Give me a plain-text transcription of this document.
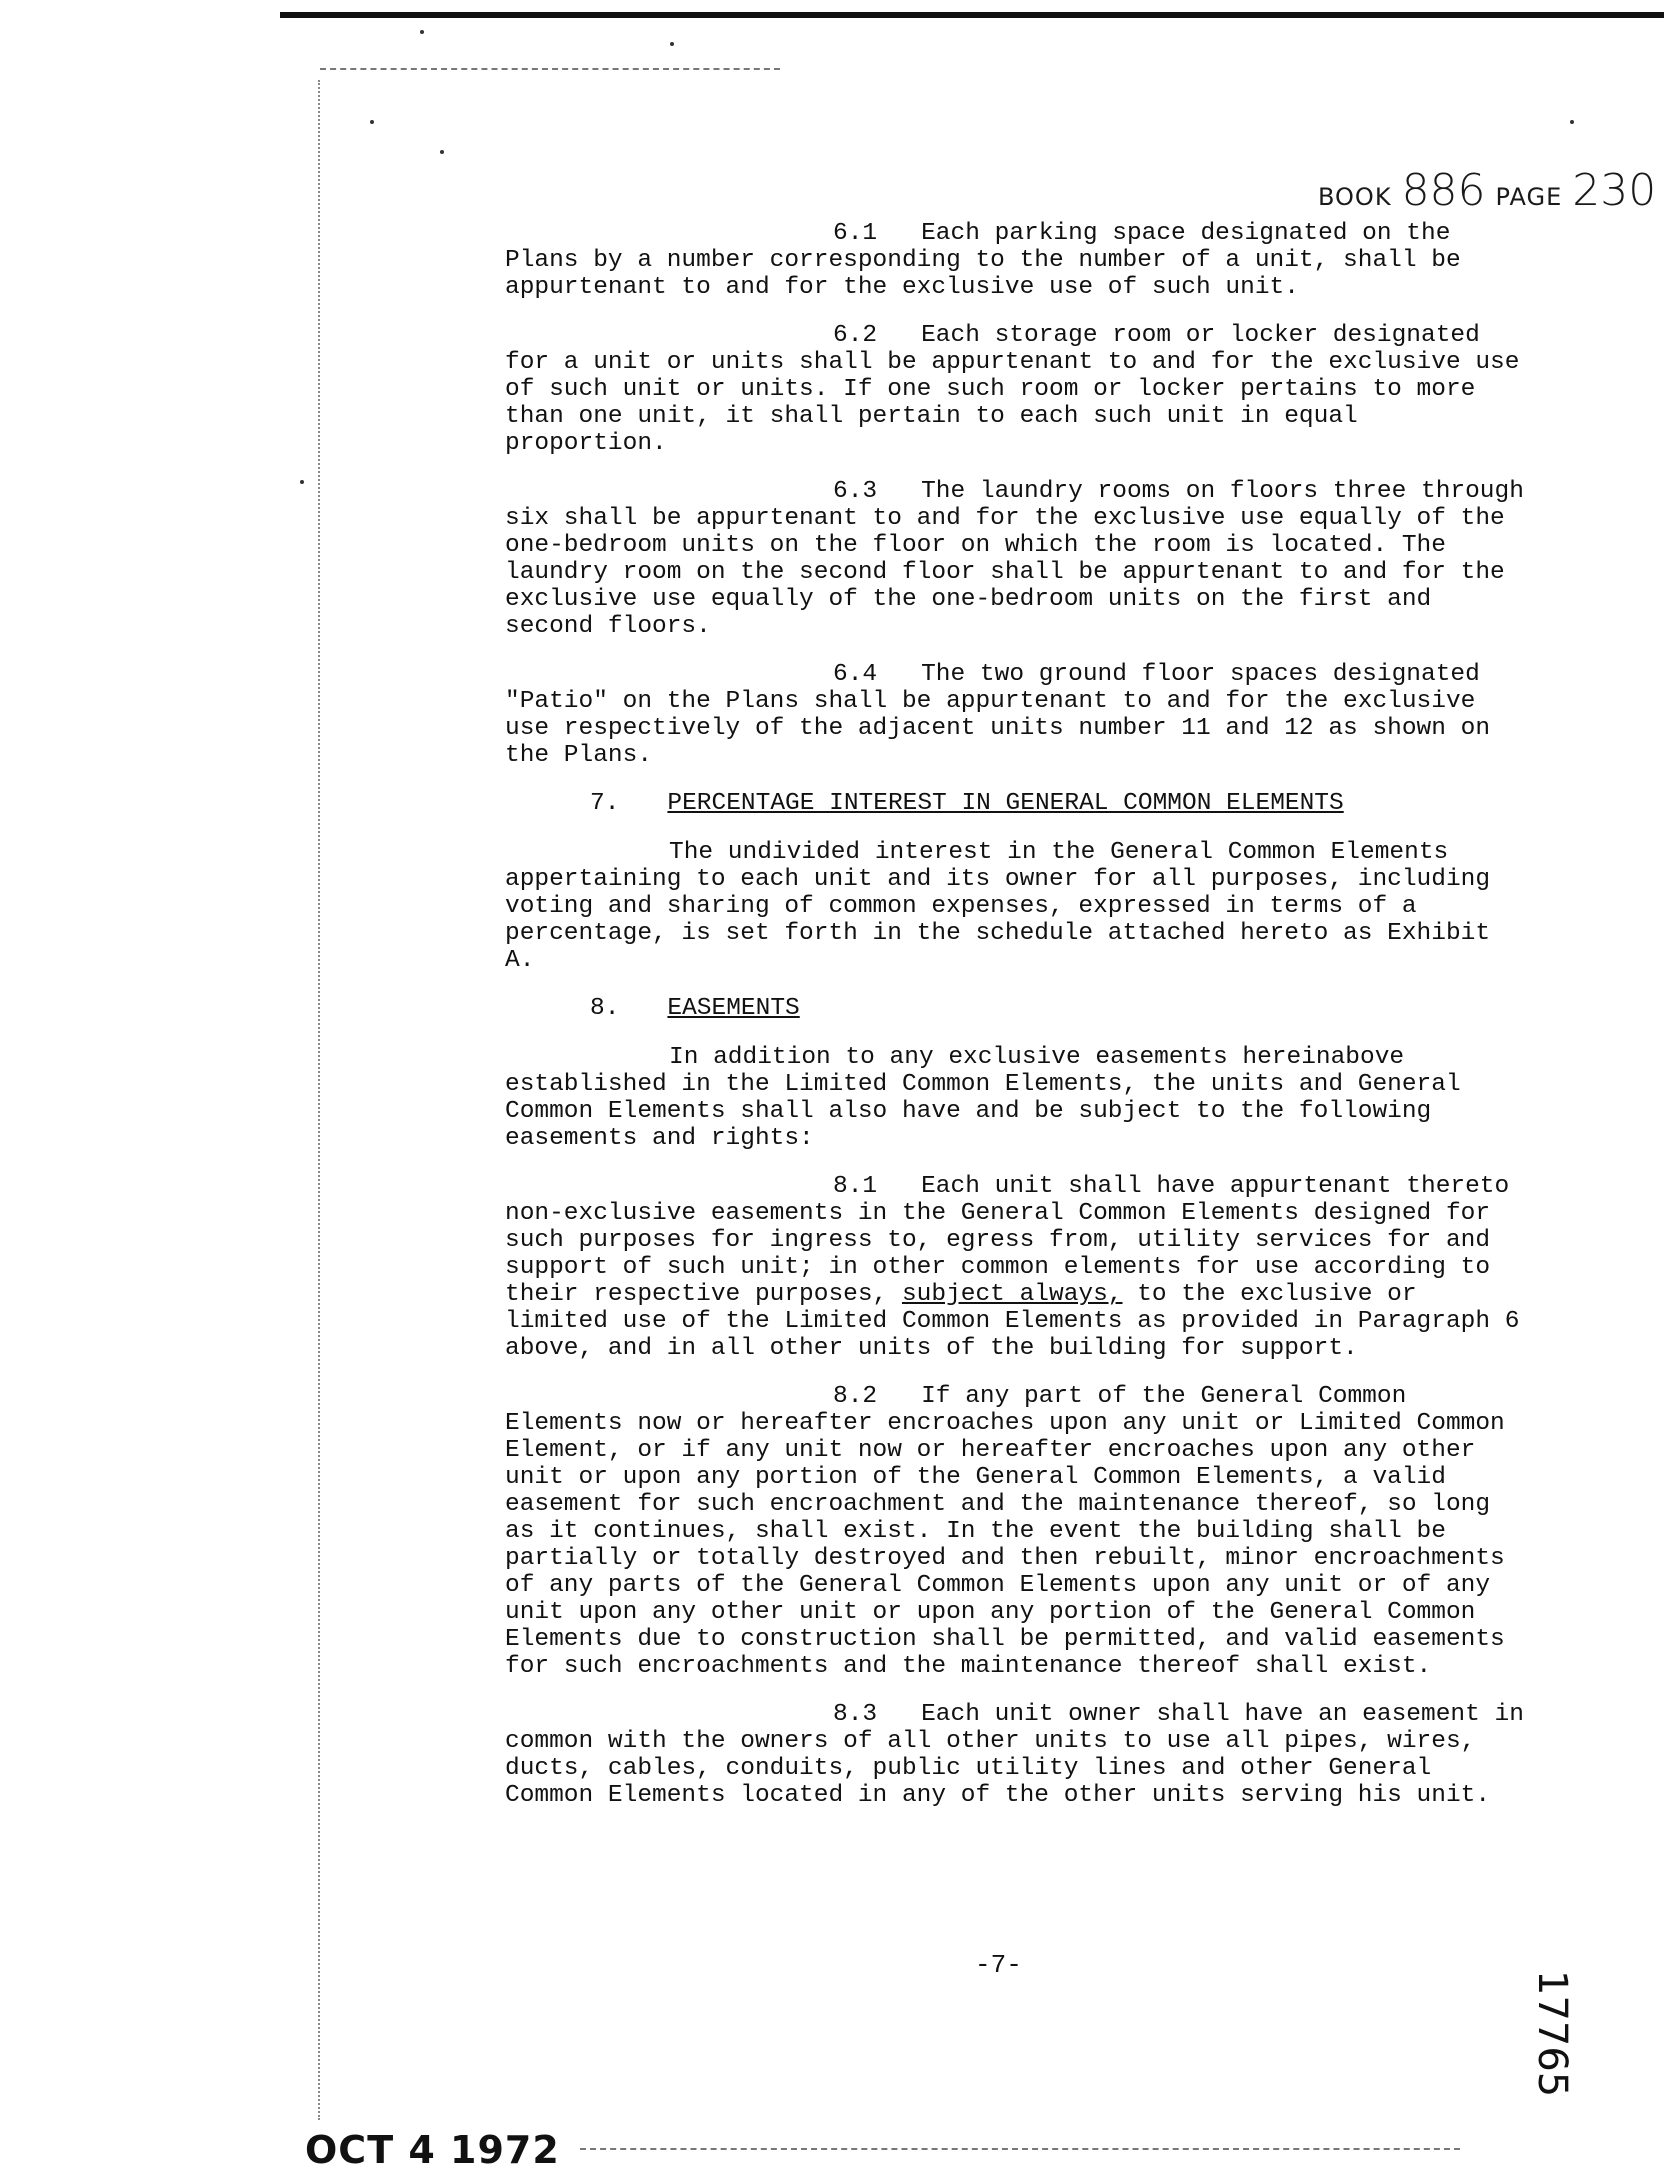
BOOK 886 PAGE 230

6.1 Each parking space designated on the Plans by a number corresponding to the number of a unit, shall be appurtenant to and for the exclusive use of such unit.

6.2 Each storage room or locker designated for a unit or units shall be appurtenant to and for the exclusive use of such unit or units. If one such room or locker pertains to more than one unit, it shall pertain to each such unit in equal proportion.

6.3 The laundry rooms on floors three through six shall be appurtenant to and for the exclusive use equally of the one-bedroom units on the floor on which the room is located. The laundry room on the second floor shall be appurtenant to and for the exclusive use equally of the one-bedroom units on the first and second floors.

6.4 The two ground floor spaces designated "Patio" on the Plans shall be appurtenant to and for the exclusive use respectively of the adjacent units number 11 and 12 as shown on the Plans.

7. PERCENTAGE INTEREST IN GENERAL COMMON ELEMENTS

The undivided interest in the General Common Elements appertaining to each unit and its owner for all purposes, including voting and sharing of common expenses, expressed in terms of a percentage, is set forth in the schedule attached hereto as Exhibit A.

8. EASEMENTS

In addition to any exclusive easements hereinabove established in the Limited Common Elements, the units and General Common Elements shall also have and be subject to the following easements and rights:

8.1 Each unit shall have appurtenant thereto non-exclusive easements in the General Common Elements designed for such purposes for ingress to, egress from, utility services for and support of such unit; in other common elements for use according to their respective purposes, subject always, to the exclusive or limited use of the Limited Common Elements as provided in Paragraph 6 above, and in all other units of the building for support.

8.2 If any part of the General Common Elements now or hereafter encroaches upon any unit or Limited Common Element, or if any unit now or hereafter encroaches upon any other unit or upon any portion of the General Common Elements, a valid easement for such encroachment and the maintenance thereof, so long as it continues, shall exist. In the event the building shall be partially or totally destroyed and then rebuilt, minor encroachments of any parts of the General Common Elements upon any unit or of any unit upon any other unit or upon any portion of the General Common Elements due to construction shall be permitted, and valid easements for such encroachments and the maintenance thereof shall exist.

8.3 Each unit owner shall have an easement in common with the owners of all other units to use all pipes, wires, ducts, cables, conduits, public utility lines and other General Common Elements located in any of the other units serving his unit.

-7-
OCT 4 1972
17765
